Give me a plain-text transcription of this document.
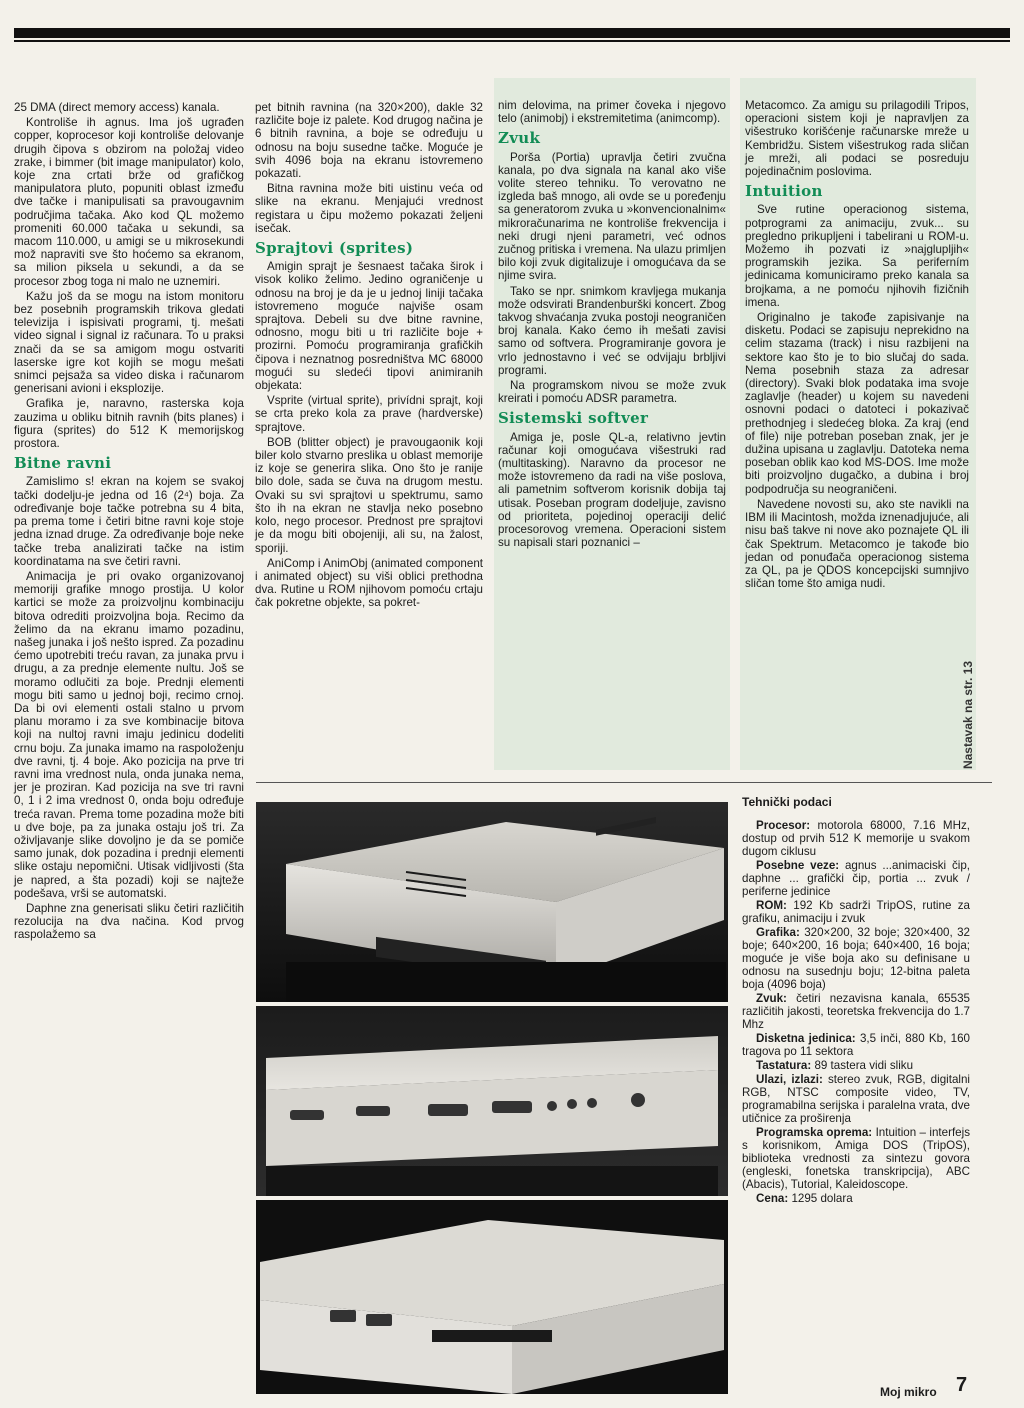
25 DMA (direct memory access) kanala.

Kontroliše ih agnus. Ima još ugrađen copper, koprocesor koji kontroliše delovanje drugih čipova s obzirom na položaj video zrake, i bimmer (bit image manipulator) kolo, koje zna crtati brže od grafičkog manipulatora pluto, popuniti oblast između dve tačke i manipulisati sa pravougavnim područjima tačaka. Ako kod QL možemo promeniti 60.000 tačaka u sekundi, sa macom 110.000, u amigi se u mikrosekundi mož napraviti sve što hoćemo sa ekranom, sa milion piksela u sekundi, a da se procesor zbog toga ni malo ne uznemiri.

Kažu još da se mogu na istom monitoru bez posebnih programskih trikova gledati televizija i ispisivati programi, tj. mešati video signal i signal iz računara. To u praksi znači da se sa amigom mogu ostvariti laserske igre kot kojih se mogu mešati snimci pejsaža sa video diska i računarom generisani avioni i eksplozije.

Grafika je, naravno, rasterska koja zauzima u obliku bitnih ravnih (bits planes) i figura (sprites) do 512 K memorijskog prostora.

Bitne ravni

Zamislimo s! ekran na kojem se svakoj tački dodelju-je jedna od 16 (2⁴) boja. Za određivanje boje tačke potrebna su 4 bita, pa prema tome i četiri bitne ravni koje stoje jedna iznad druge. Za određivanje boje neke tačke treba analizirati tačke na istim koordinatama na sve četiri ravni.

Animacija je pri ovako organizovanoj memoriji grafike mnogo prostija. U kolor kartici se može za proizvoljnu kombinaciju bitova odrediti proizvoljna boja. Recimo da želimo da na ekranu imamo pozadinu, našeg junaka i još nešto ispred. Za pozadinu ćemo upotrebiti treću ravan, za junaka prvu i drugu, a za prednje elemente nultu. Još se moramo odlučiti za boje. Prednji elementi mogu biti samo u jednoj boji, recimo crnoj. Da bi ovi elementi ostali stalno u prvom planu moramo i za sve kombinacije bitova koji na nultoj ravni imaju jedinicu dodeliti crnu boju. Za junaka imamo na raspoloženju dve ravni, tj. 4 boje. Ako pozicija na prve tri ravni ima vrednost nula, onda junaka nema, jer je proziran. Kad pozicija na sve tri ravni 0, 1 i 2 ima vrednost 0, onda boju određuje treća ravan. Prema tome pozadina može biti u dve boje, pa za junaka ostaju još tri. Za oživljavanje slike dovoljno je da se pomiče samo junak, dok pozadina i prednji elementi slike ostaju nepomični. Utisak vidljivosti (šta je napred, a šta pozadi) koji se najteže podešava, vrši se automatski.

Daphne zna generisati sliku četiri različitih rezolucija na dva načina. Kod prvog raspolažemo sa

pet bitnih ravnina (na 320×200), dakle 32 različite boje iz palete. Kod drugog načina je 6 bitnih ravnina, a boje se određuju u odnosu na boju susedne tačke. Moguće je svih 4096 boja na ekranu istovremeno pokazati.

Bitna ravnina može biti uistinu veća od slike na ekranu. Menjajući vrednost registara u čipu možemo pokazati željeni isečak.

Sprajtovi (sprites)

Amigin sprajt je šesnaest tačaka širok i visok koliko želimo. Jedino ograničenje u odnosu na broj je da je u jednoj liniji tačaka istovremeno moguće najviše osam sprajtova. Debeli su dve bitne ravnine, odnosno, mogu biti u tri različite boje + prozirni. Pomoću programiranja grafičkih čipova i neznatnog posredništva MC 68000 mogući su sledeći tipovi animiranih objekata:

Vsprite (virtual sprite), privídni sprajt, koji se crta preko kola za prave (hardverske) sprajtove.

BOB (blitter object) je pravougaonik koji biler kolo stvarno preslika u oblast memorije iz koje se generira slika. Ono što je ranije bilo dole, sada se čuva na drugom mestu. Ovaki su svi sprajtovi u spektrumu, samo što ih na ekran ne stavlja neko posebno kolo, nego procesor. Prednost pre sprajtovi je da mogu biti obojeniji, ali su, na žalost, sporiji.

AniComp i AnimObj (animated component i animated object) su viši oblici prethodna dva. Rutine u ROM njihovom pomoću crtaju čak pokretne objekte, sa pokret-

nim delovima, na primer čoveka i njegovo telo (animobj) i ekstremitetima (animcomp).

Zvuk

Porša (Portia) upravlja četiri zvučna kanala, po dva signala na kanal ako više volite stereo tehniku. To verovatno ne izgleda baš mnogo, ali ovde se u poređenju sa generatorom zvuka u »konvencionalnim« mikroračunarima ne kontroliše frekvencija i neki drugi njeni parametri, već odnos zučnog pritiska i vremena. Na ulazu primljen bilo koji zvuk digitalizuje i omogućava da se njime svira.

Tako se npr. snimkom kravljega mukanja može odsvirati Brandenburški koncert. Zbog takvog shvaćanja zvuka postoji neograničen broj kanala. Kako ćemo ih mešati zavisi samo od softvera. Programiranje govora je vrlo jednostavno i već se odvijaju brbljivi programi.

Na programskom nivou se može zvuk kreirati i pomoću ADSR parametra.

Sistemski softver

Amiga je, posle QL-a, relativno jevtin računar koji omogućava višestruki rad (multitasking). Naravno da procesor ne može istovremeno da radi na više poslova, ali pametnim softverom korisnik dobija taj utisak. Poseban program dodeljuje, zavisno od prioriteta, pojedinoj operaciji delić procesorovog vremena. Operacioni sistem su napisali stari poznanici –

Metacomco. Za amigu su prilagodili Tripos, operacioni sistem koji je napravljen za višestruko korišćenje računarske mreže u Kembridžu. Sistem višestrukog rada sličan je mreži, ali podaci se posreduju pojedinačnim poslovima.

Intuition

Sve rutine operacionog sistema, potprogrami za animaciju, zvuk... su pregledno prikupljeni i tabelirani u ROM-u. Možemo ih pozvati iz »najglupljih« programskih jezika. Sa periferním jedinicama komuniciramo preko kanala sa brojkama, a ne pomoću njihovih fizičnih imena.

Originalno je takođe zapisivanje na disketu. Podaci se zapisuju neprekidno na celim stazama (track) i nisu razbijeni na sektore kao što je to bio slučaj do sada. Nema posebnih staza za adresar (directory). Svaki blok podataka ima svoje zaglavlje (header) u kojem su navedeni osnovni podaci o datoteci i pokazivač prethodnjeg i sledećeg bloka. Za kraj (end of file) nije potreban poseban znak, jer je dužina upisana u zaglavlju. Datoteka nema poseban oblik kao kod MS-DOS. Ime može biti proizvoljno dugačko, a dubina i broj podpodručja su neograničeni.

Navedene novosti su, ako ste navikli na IBM ili Macintosh, možda iznenadjujuće, ali nisu baš takve ni nove ako poznajete QL ili čak Spektrum. Metacomco je takođe bio jedan od ponuđača operacionog sistema za QL, pa je QDOS koncepcijski sumnjivo sličan tome što amiga nudi.

Nastavak na str. 13
Tehnički podaci

Procesor: motorola 68000, 7.16 MHz, dostup od prvih 512 K memorije u svakom dugom ciklusu

Posebne veze: agnus ...animaciski čip, daphne ... grafički čip, portia ... zvuk / periferne jedinice

ROM: 192 Kb sadrži TripOS, rutine za grafiku, animaciju i zvuk

Grafika: 320×200, 32 boje; 320×400, 32 boje; 640×200, 16 boja; 640×400, 16 boja; moguće je više boja ako su definisane u odnosu na susednju boju; 12-bitna paleta boja (4096 boja)

Zvuk: četiri nezavisna kanala, 65535 različitih jakosti, teoretska frekvencija do 1.7 Mhz

Disketna jedinica: 3,5 inči, 880 Kb, 160 tragova po 11 sektora

Tastatura: 89 tastera vidi sliku

Ulazi, izlazi: stereo zvuk, RGB, digitalni RGB, NTSC composite video, TV, programabilna serijska i paralelna vrata, dve utičnice za proširenja

Programska oprema: Intuition – interfejs s korisnikom, Amiga DOS (TripOS), biblioteka vrednosti za sintezu govora (engleski, fonetska transkripcija), ABC (Abacis), Tutorial, Kaleidoscope.

Cena: 1295 dolara

Moj mikro 7
